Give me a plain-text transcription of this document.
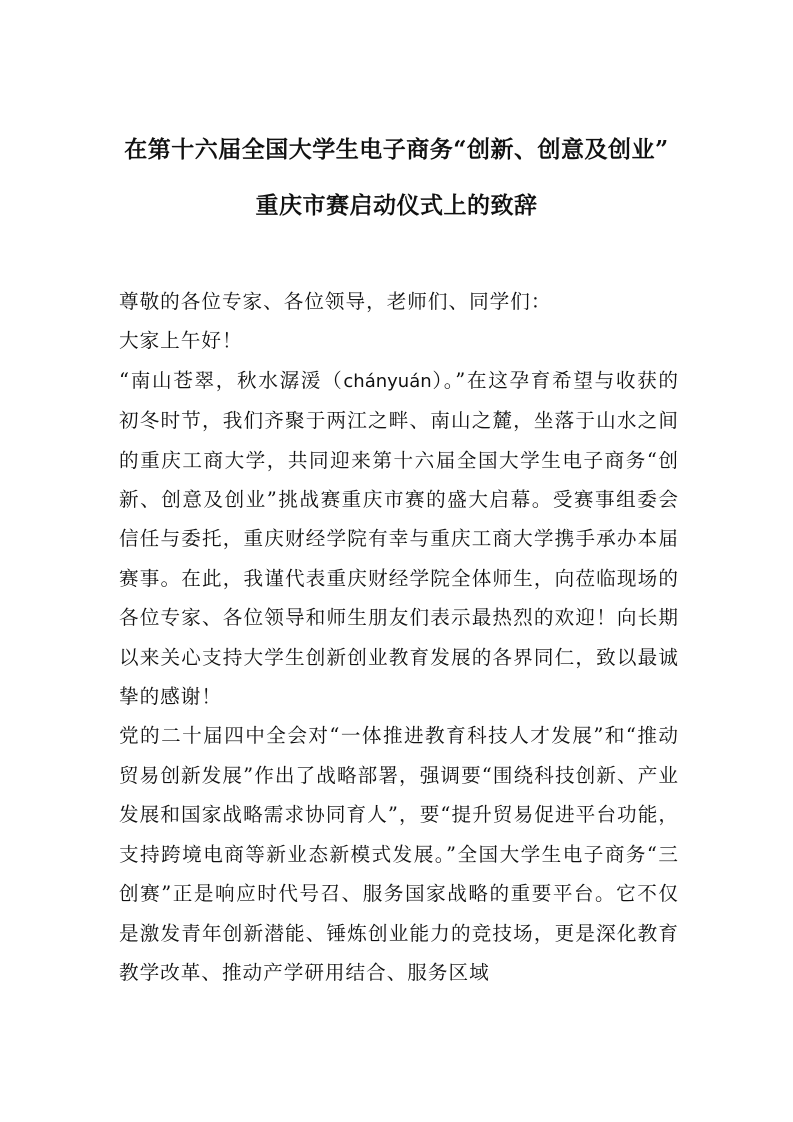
在第十六届全国大学生电子商务“创新、创意及创业”
重庆市赛启动仪式上的致辞

尊敬的各位专家、各位领导，老师们、同学们：

大家上午好！

“南山苍翠，秋水潺湲（chányuán）。”在这孕育希望与收获的初冬时节，我们齐聚于两江之畔、南山之麓，坐落于山水之间的重庆工商大学，共同迎来第十六届全国大学生电子商务“创新、创意及创业”挑战赛重庆市赛的盛大启幕。受赛事组委会信任与委托，重庆财经学院有幸与重庆工商大学携手承办本届赛事。在此，我谨代表重庆财经学院全体师生，向莅临现场的各位专家、各位领导和师生朋友们表示最热烈的欢迎！向长期以来关心支持大学生创新创业教育发展的各界同仁，致以最诚挚的感谢！

党的二十届四中全会对“一体推进教育科技人才发展”和“推动贸易创新发展”作出了战略部署，强调要“围绕科技创新、产业发展和国家战略需求协同育人”，要“提升贸易促进平台功能，支持跨境电商等新业态新模式发展。”全国大学生电子商务“三创赛”正是响应时代号召、服务国家战略的重要平台。它不仅是激发青年创新潜能、锤炼创业能力的竞技场，更是深化教育教学改革、推动产学研用结合、服务区域
